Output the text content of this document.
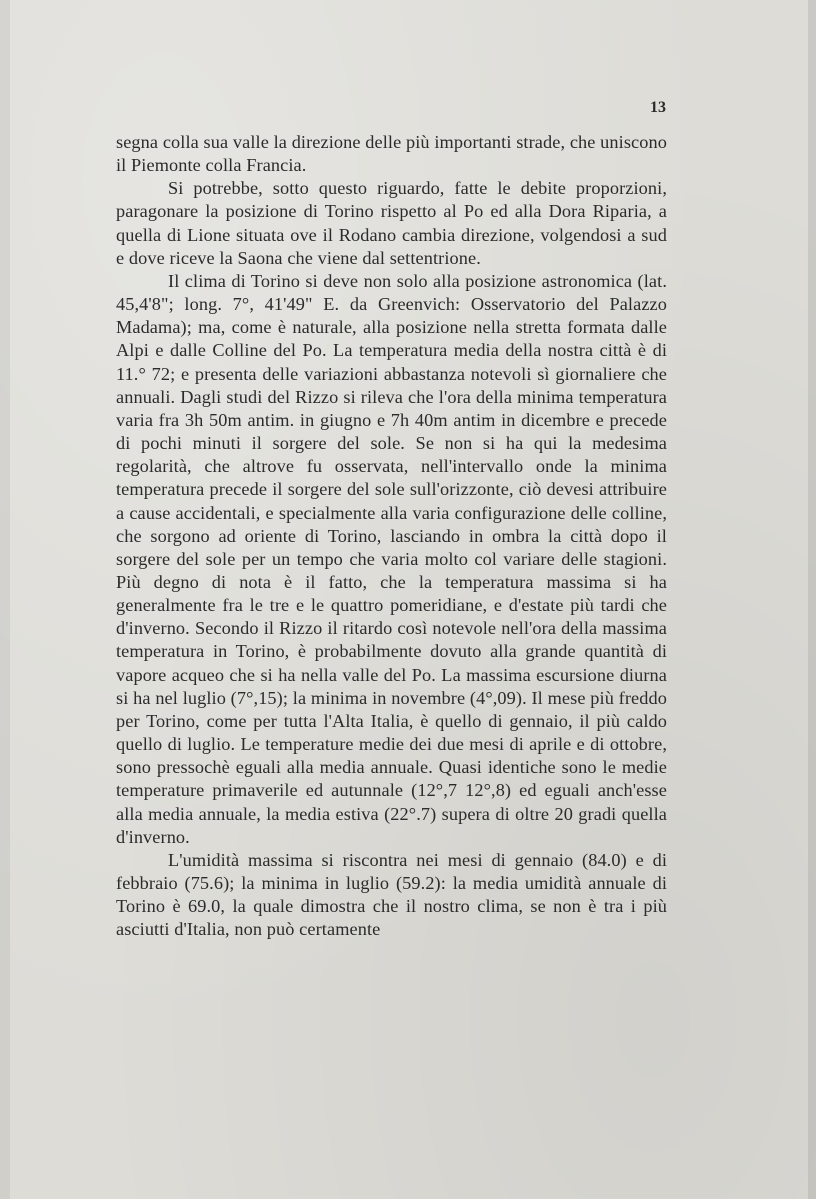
13

segna colla sua valle la direzione delle più importanti strade, che uniscono il Piemonte colla Francia.

Si potrebbe, sotto questo riguardo, fatte le debite proporzioni, paragonare la posizione di Torino rispetto al Po ed alla Dora Riparia, a quella di Lione situata ove il Rodano cambia direzione, volgendosi a sud e dove riceve la Saona che viene dal settentrione.

Il clima di Torino si deve non solo alla posizione astronomica (lat. 45,4'8"; long. 7°, 41'49" E. da Greenvich: Osservatorio del Palazzo Madama); ma, come è naturale, alla posizione nella stretta formata dalle Alpi e dalle Colline del Po. La temperatura media della nostra città è di 11.° 72; e presenta delle variazioni abbastanza notevoli sì giornaliere che annuali. Dagli studi del Rizzo si rileva che l'ora della minima temperatura varia fra 3h 50m antim. in giugno e 7h 40m antim in dicembre e precede di pochi minuti il sorgere del sole. Se non si ha qui la medesima regolarità, che altrove fu osservata, nell'intervallo onde la minima temperatura precede il sorgere del sole sull'orizzonte, ciò devesi attribuire a cause accidentali, e specialmente alla varia configurazione delle colline, che sorgono ad oriente di Torino, lasciando in ombra la città dopo il sorgere del sole per un tempo che varia molto col variare delle stagioni. Più degno di nota è il fatto, che la temperatura massima si ha generalmente fra le tre e le quattro pomeridiane, e d'estate più tardi che d'inverno. Secondo il Rizzo il ritardo così notevole nell'ora della massima temperatura in Torino, è probabilmente dovuto alla grande quantità di vapore acqueo che si ha nella valle del Po. La massima escursione diurna si ha nel luglio (7°,15); la minima in novembre (4°,09). Il mese più freddo per Torino, come per tutta l'Alta Italia, è quello di gennaio, il più caldo quello di luglio. Le temperature medie dei due mesi di aprile e di ottobre, sono pressochè eguali alla media annuale. Quasi identiche sono le medie temperature primaverile ed autunnale (12°,7 12°,8) ed eguali anch'esse alla media annuale, la media estiva (22°.7) supera di oltre 20 gradi quella d'inverno.

L'umidità massima si riscontra nei mesi di gennaio (84.0) e di febbraio (75.6); la minima in luglio (59.2): la media umidità annuale di Torino è 69.0, la quale dimostra che il nostro clima, se non è tra i più asciutti d'Italia, non può certamente
